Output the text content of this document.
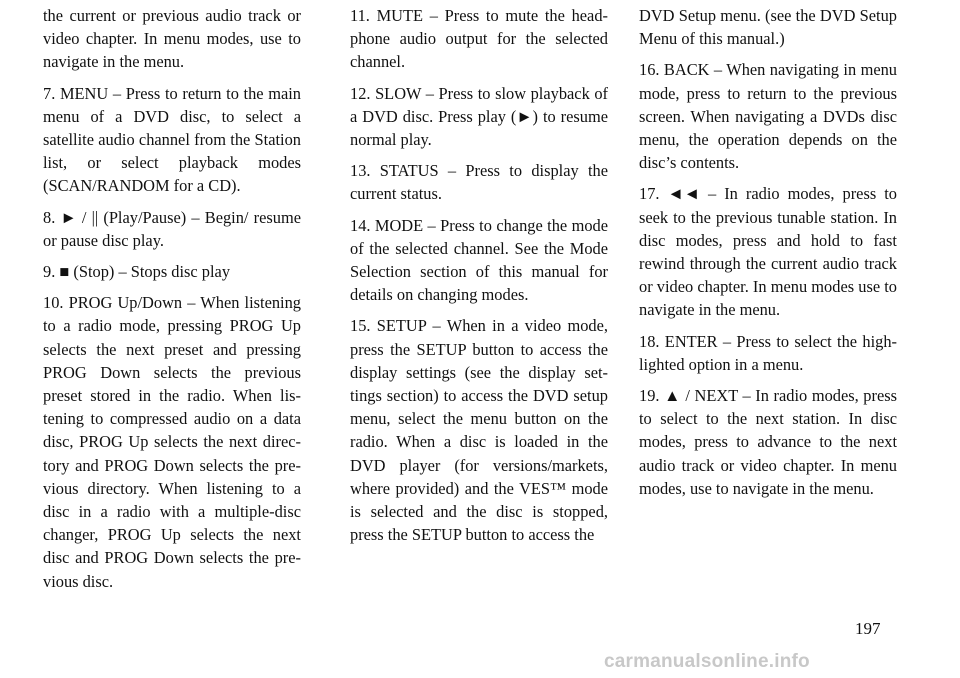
the current or previous audio track or video chapter. In menu modes, use to navigate in the menu.

7. MENU – Press to return to the main menu of a DVD disc, to select a satellite audio channel from the Station list, or select playback modes (SCAN/RANDOM for a CD).

8. ► / || (Play/Pause) – Begin/ resume or pause disc play.

9. ■ (Stop) – Stops disc play

10. PROG Up/Down – When listening to a radio mode, pressing PROG Up selects the next preset and pressing PROG Down selects the previous preset stored in the radio. When listening to compressed audio on a data disc, PROG Up selects the next directory and PROG Down selects the previous directory. When listening to a disc in a radio with a multiple-disc changer, PROG Up selects the next disc and PROG Down selects the previous disc.

11. MUTE – Press to mute the headphone audio output for the selected channel.

12. SLOW – Press to slow playback of a DVD disc. Press play (►) to resume normal play.

13. STATUS – Press to display the current status.

14. MODE – Press to change the mode of the selected channel. See the Mode Selection section of this manual for details on changing modes.

15. SETUP – When in a video mode, press the SETUP button to access the display settings (see the display settings section) to access the DVD setup menu, select the menu button on the radio. When a disc is loaded in the DVD player (for versions/markets, where provided) and the VES™ mode is selected and the disc is stopped, press the SETUP button to access the

DVD Setup menu. (see the DVD Setup Menu of this manual.)

16. BACK – When navigating in menu mode, press to return to the previous screen. When navigating a DVDs disc menu, the operation depends on the disc’s contents.

17. ◄◄ – In radio modes, press to seek to the previous tunable station. In disc modes, press and hold to fast rewind through the current audio track or video chapter. In menu modes use to navigate in the menu.

18. ENTER – Press to select the highlighted option in a menu.

19. ▲ / NEXT – In radio modes, press to select to the next station. In disc modes, press to advance to the next audio track or video chapter. In menu modes, use to navigate in the menu.

197
carmanualsonline.info
